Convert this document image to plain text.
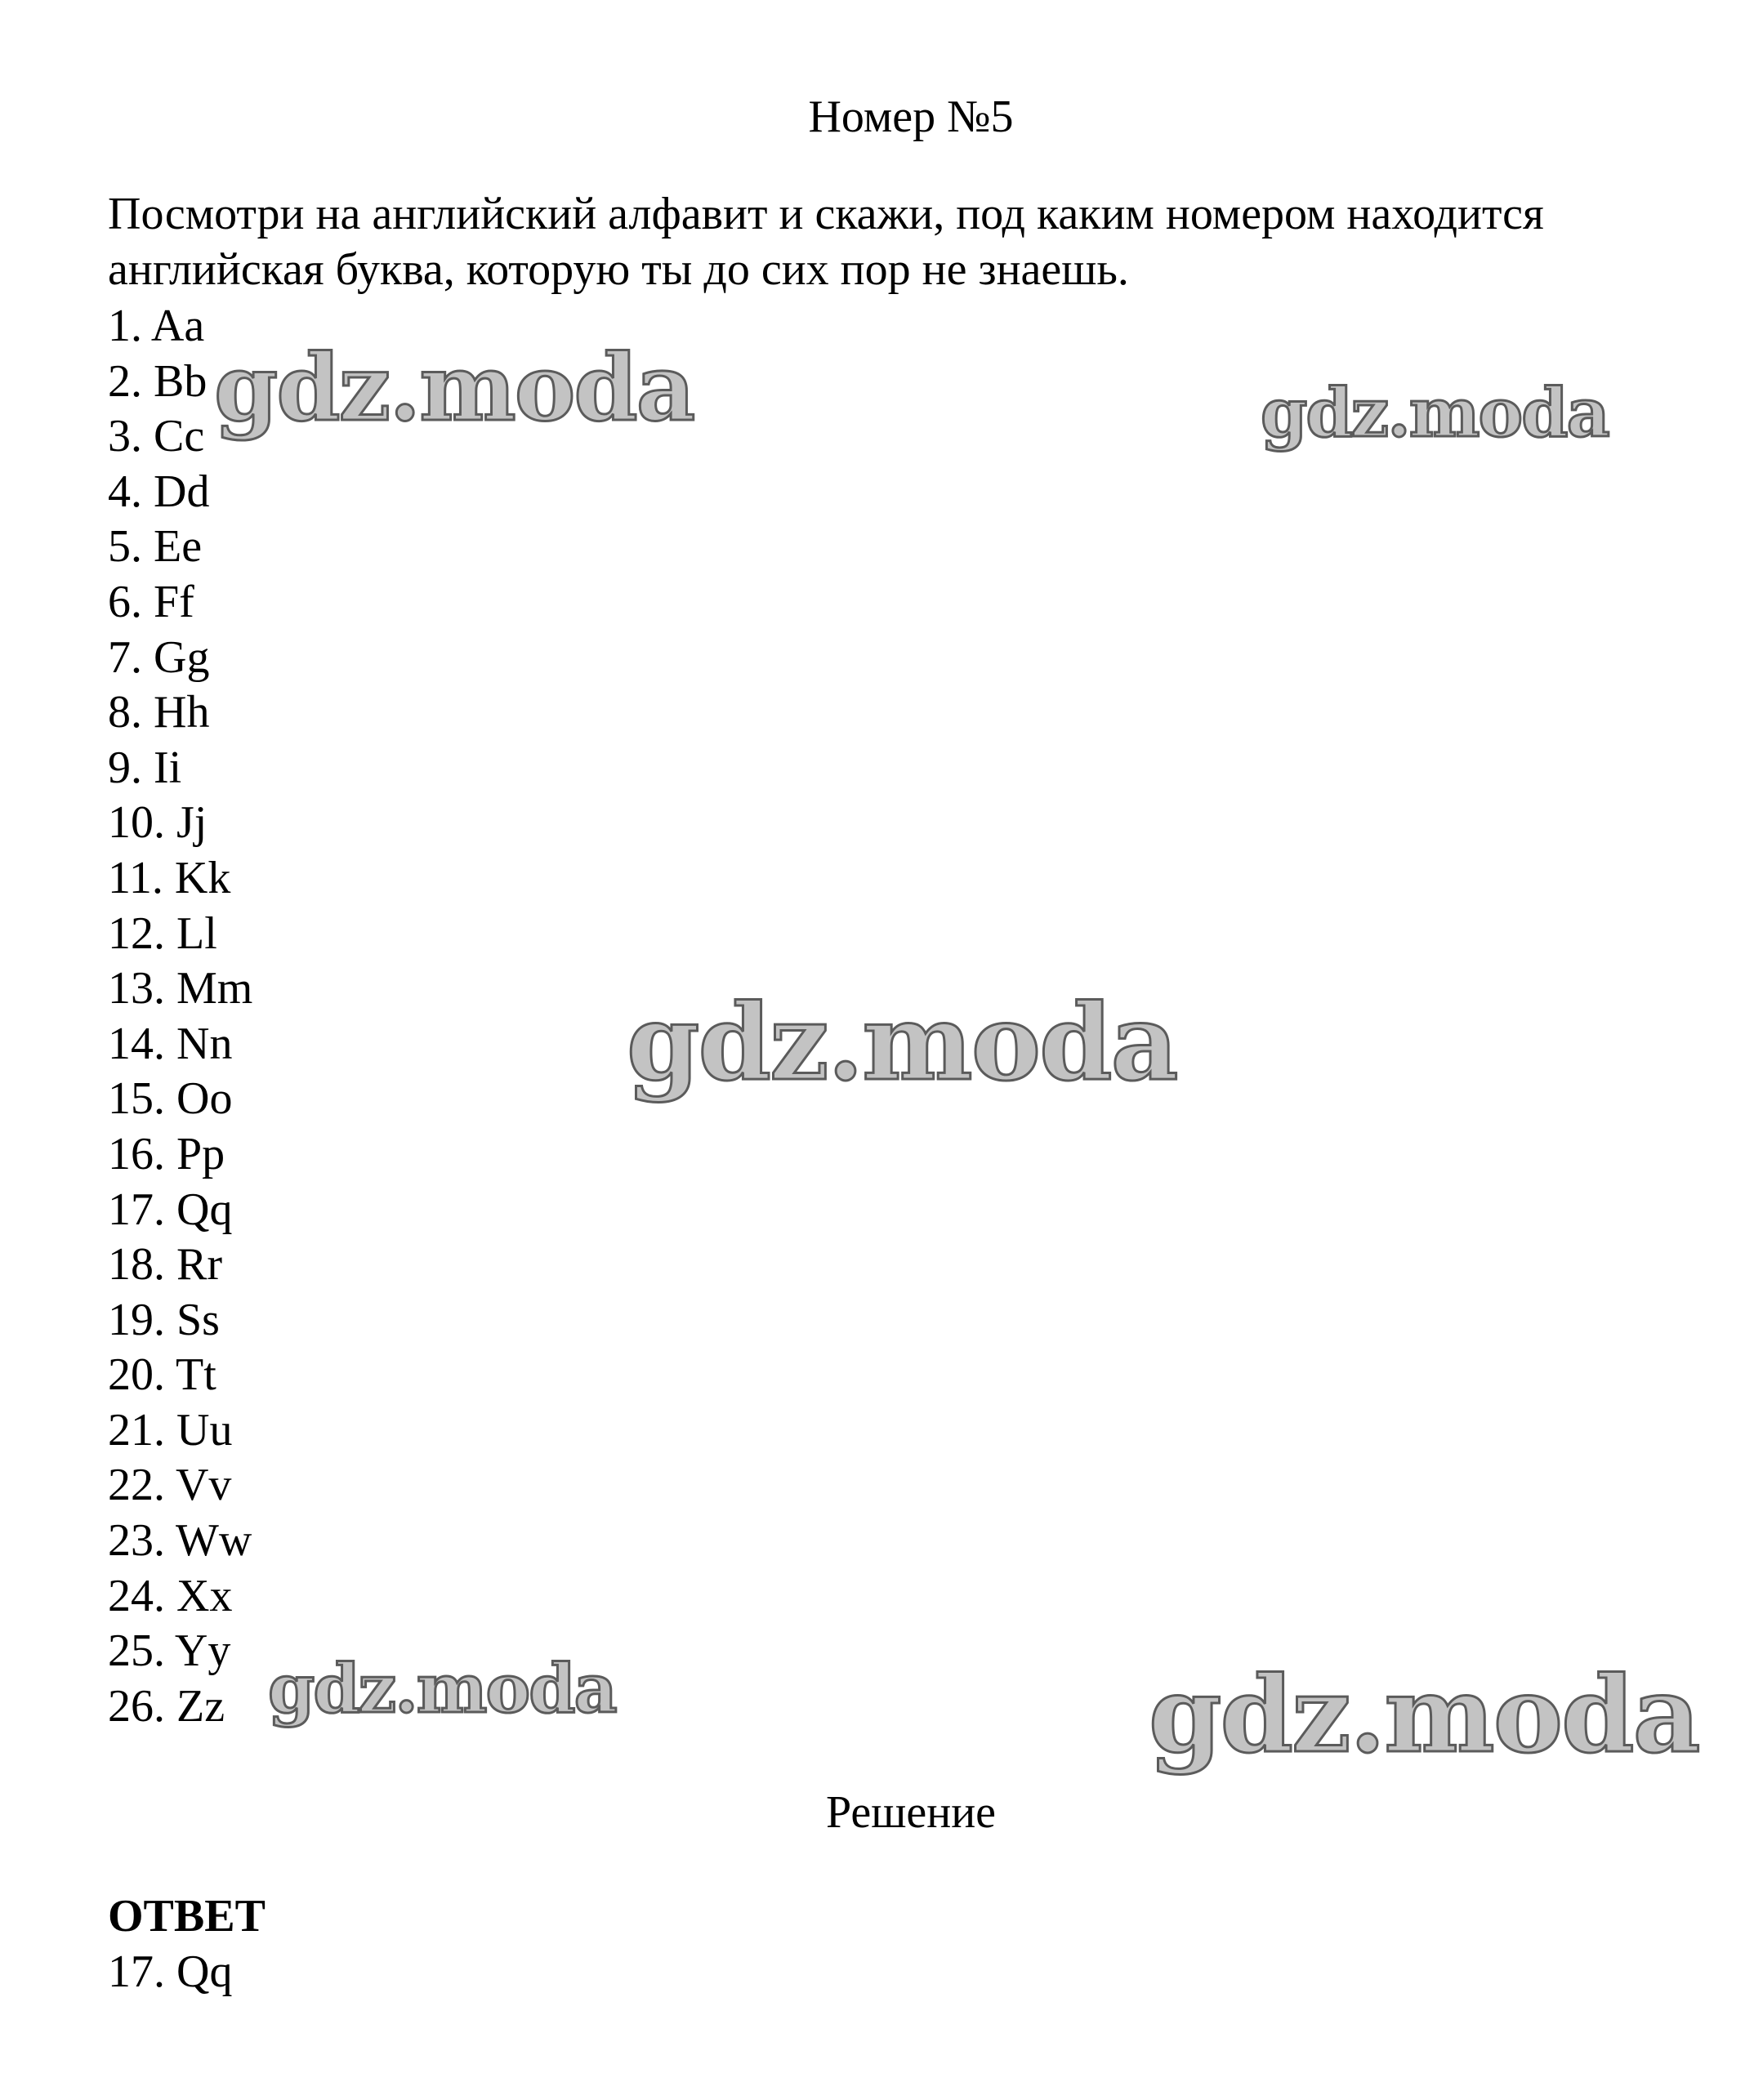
Номер №5
Посмотри на английский алфавит и скажи, под каким номером находится английская буква, которую ты до сих пор не знаешь.
1. Aa
2. Bb
3. Cc
4. Dd
5. Ee
6. Ff
7. Gg
8. Hh
9. Ii
10. Jj
11. Kk
12. Ll
13. Mm
14. Nn
15. Oo
16. Pp
17. Qq
18. Rr
19. Ss
20. Tt
21. Uu
22. Vv
23. Ww
24. Xx
25. Yy
26. Zz
Решение
ОТВЕТ
17. Qq
gdz.moda	gdz.moda
gdz.moda
gdz.moda	gdz.moda
